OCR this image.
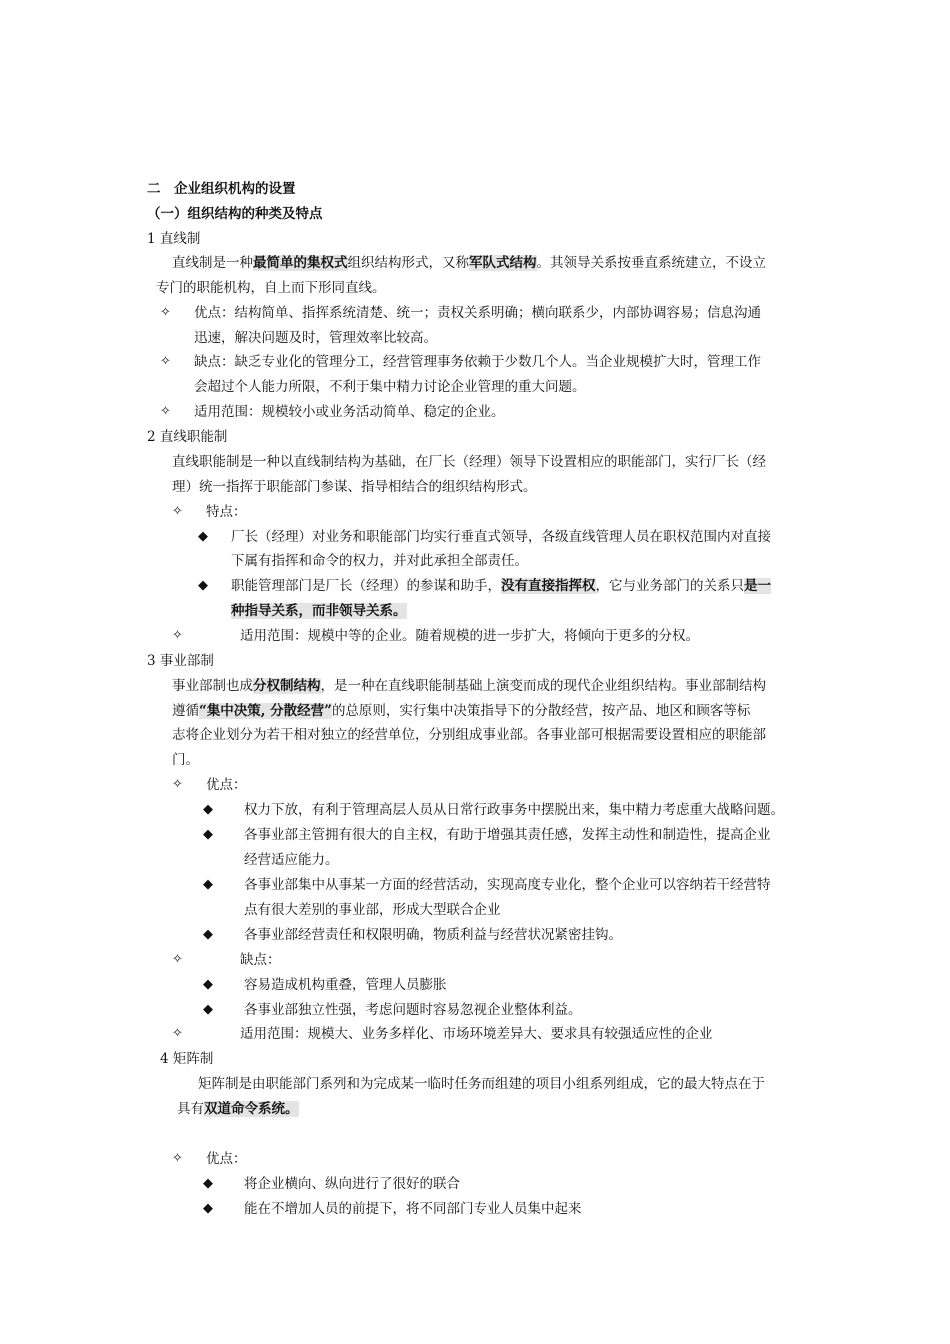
二　企业组织机构的设置
（一）组织结构的种类及特点
1 直线制
直线制是一种最简单的集权式组织结构形式，又称军队式结构。其领导关系按垂直系统建立，不设立
专门的职能机构，自上而下形同直线。
✧ 优点：结构简单、指挥系统清楚、统一；责权关系明确；横向联系少，内部协调容易；信息沟通
迅速，解决问题及时，管理效率比较高。
✧ 缺点：缺乏专业化的管理分工，经营管理事务依赖于少数几个人。当企业规模扩大时，管理工作
会超过个人能力所限，不利于集中精力讨论企业管理的重大问题。
✧ 适用范围：规模较小或业务活动简单、稳定的企业。
2 直线职能制
直线职能制是一种以直线制结构为基础，在厂长（经理）领导下设置相应的职能部门，实行厂长（经
理）统一指挥于职能部门参谋、指导相结合的组织结构形式。
✧ 特点：
◆ 厂长（经理）对业务和职能部门均实行垂直式领导，各级直线管理人员在职权范围内对直接
下属有指挥和命令的权力，并对此承担全部责任。
◆ 职能管理部门是厂长（经理）的参谋和助手，没有直接指挥权，它与业务部门的关系只是一
种指导关系，而非领导关系。
✧	适用范围：规模中等的企业。随着规模的进一步扩大，将倾向于更多的分权。
3 事业部制
事业部制也成分权制结构，是一种在直线职能制基础上演变而成的现代企业组织结构。事业部制结构
遵循“集中决策, 分散经营”的总原则，实行集中决策指导下的分散经营，按产品、地区和顾客等标
志将企业划分为若干相对独立的经营单位，分别组成事业部。各事业部可根据需要设置相应的职能部
门。
✧ 优点：
◆ 权力下放，有利于管理高层人员从日常行政事务中摆脱出来，集中精力考虑重大战略问题。
◆ 各事业部主管拥有很大的自主权，有助于增强其责任感，发挥主动性和制造性，提高企业
经营适应能力。
◆ 各事业部集中从事某一方面的经营活动，实现高度专业化，整个企业可以容纳若干经营特
点有很大差别的事业部，形成大型联合企业
◆ 各事业部经营责任和权限明确，物质利益与经营状况紧密挂钩。
✧	缺点：
◆ 容易造成机构重叠，管理人员膨胀
◆ 各事业部独立性强，考虑问题时容易忽视企业整体利益。
✧	适用范围：规模大、业务多样化、市场环境差异大、要求具有较强适应性的企业
4 矩阵制
矩阵制是由职能部门系列和为完成某一临时任务而组建的项目小组系列组成，它的最大特点在于
具有双道命令系统。
✧ 优点：
◆ 将企业横向、纵向进行了很好的联合
◆ 能在不增加人员的前提下，将不同部门专业人员集中起来
